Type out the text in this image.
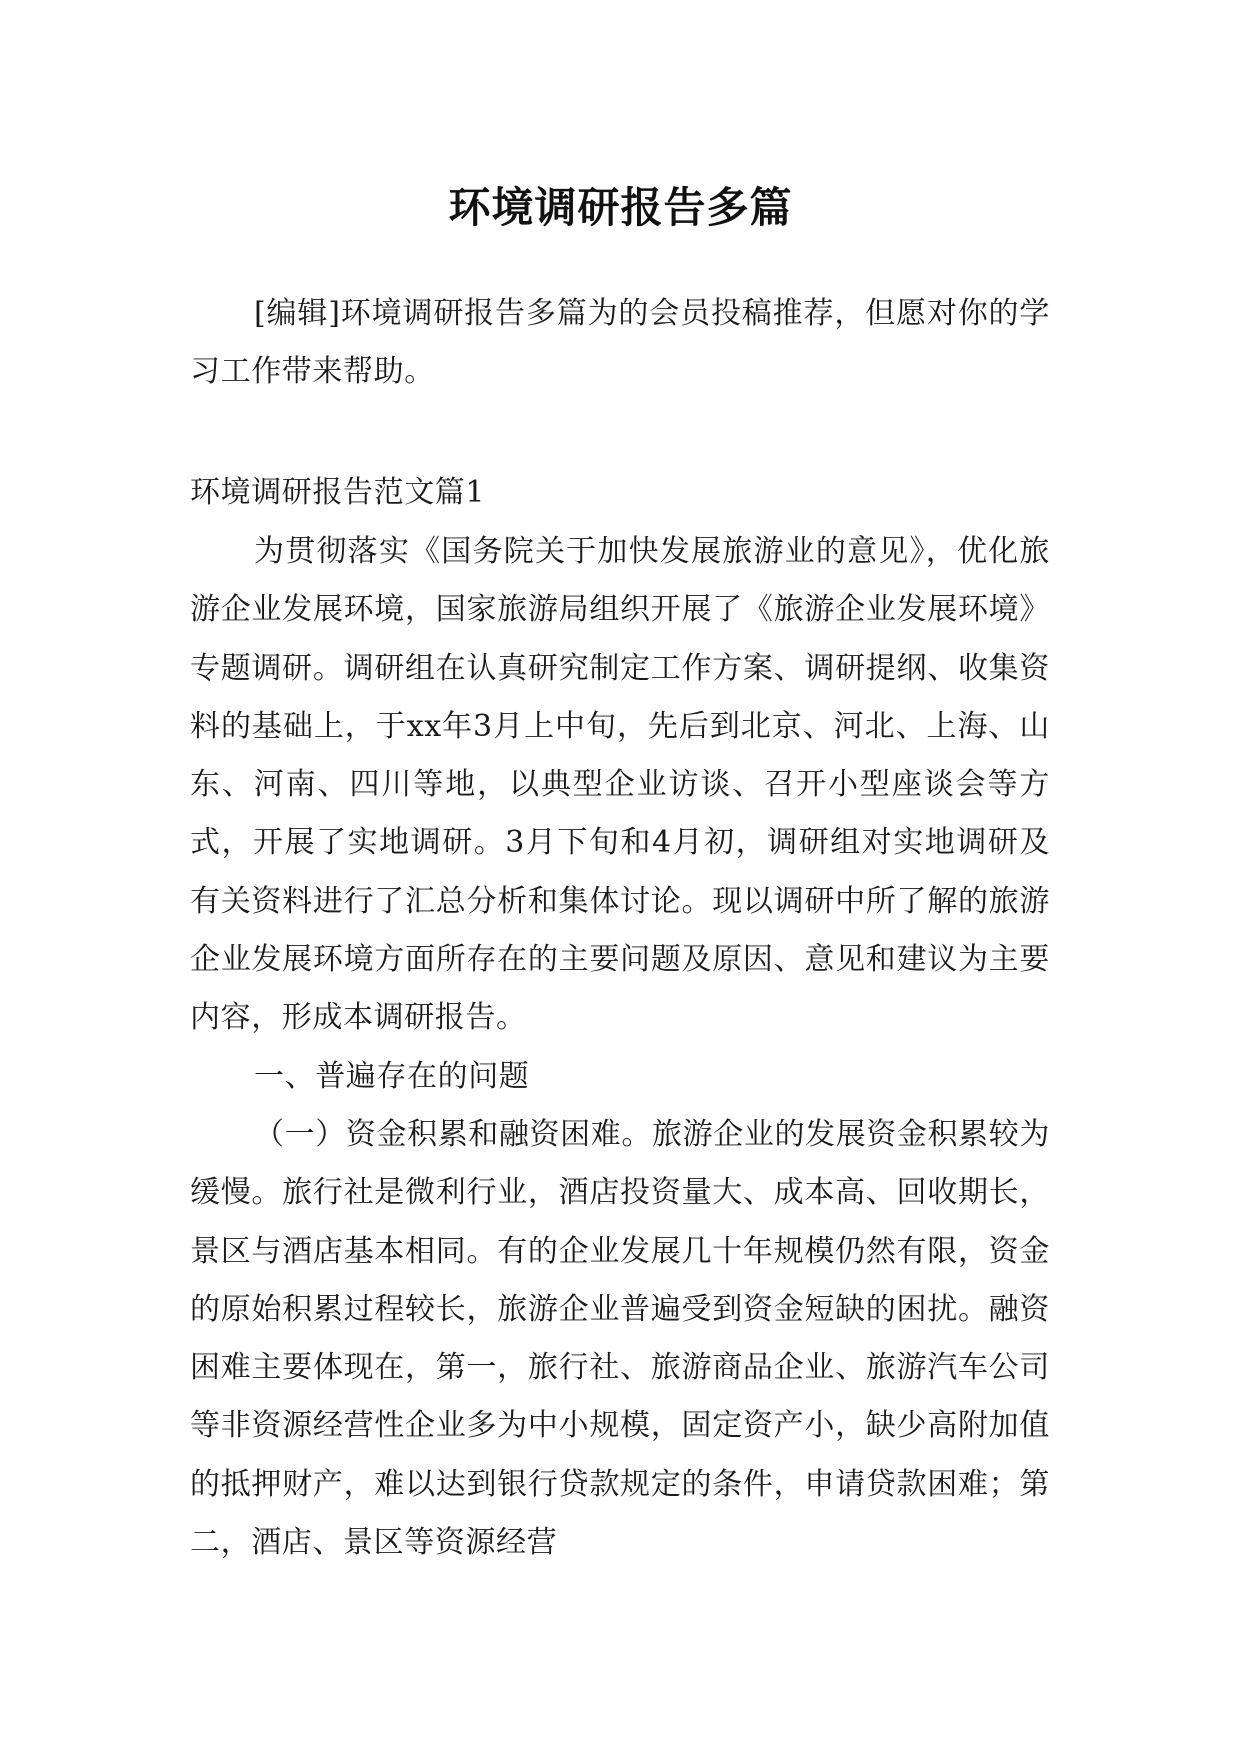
环境调研报告多篇

[编辑]环境调研报告多篇为的会员投稿推荐，但愿对你的学习工作带来帮助。

环境调研报告范文篇1

为贯彻落实《国务院关于加快发展旅游业的意见》，优化旅游企业发展环境，国家旅游局组织开展了《旅游企业发展环境》专题调研。调研组在认真研究制定工作方案、调研提纲、收集资料的基础上，于xx年3月上中旬，先后到北京、河北、上海、山东、河南、四川等地，以典型企业访谈、召开小型座谈会等方式，开展了实地调研。3月下旬和4月初，调研组对实地调研及有关资料进行了汇总分析和集体讨论。现以调研中所了解的旅游企业发展环境方面所存在的主要问题及原因、意见和建议为主要内容，形成本调研报告。

一、普遍存在的问题

（一）资金积累和融资困难。旅游企业的发展资金积累较为缓慢。旅行社是微利行业，酒店投资量大、成本高、回收期长，景区与酒店基本相同。有的企业发展几十年规模仍然有限，资金的原始积累过程较长，旅游企业普遍受到资金短缺的困扰。融资困难主要体现在，第一，旅行社、旅游商品企业、旅游汽车公司等非资源经营性企业多为中小规模，固定资产小，缺少高附加值的抵押财产，难以达到银行贷款规定的条件，申请贷款困难；第二，酒店、景区等资源经营
